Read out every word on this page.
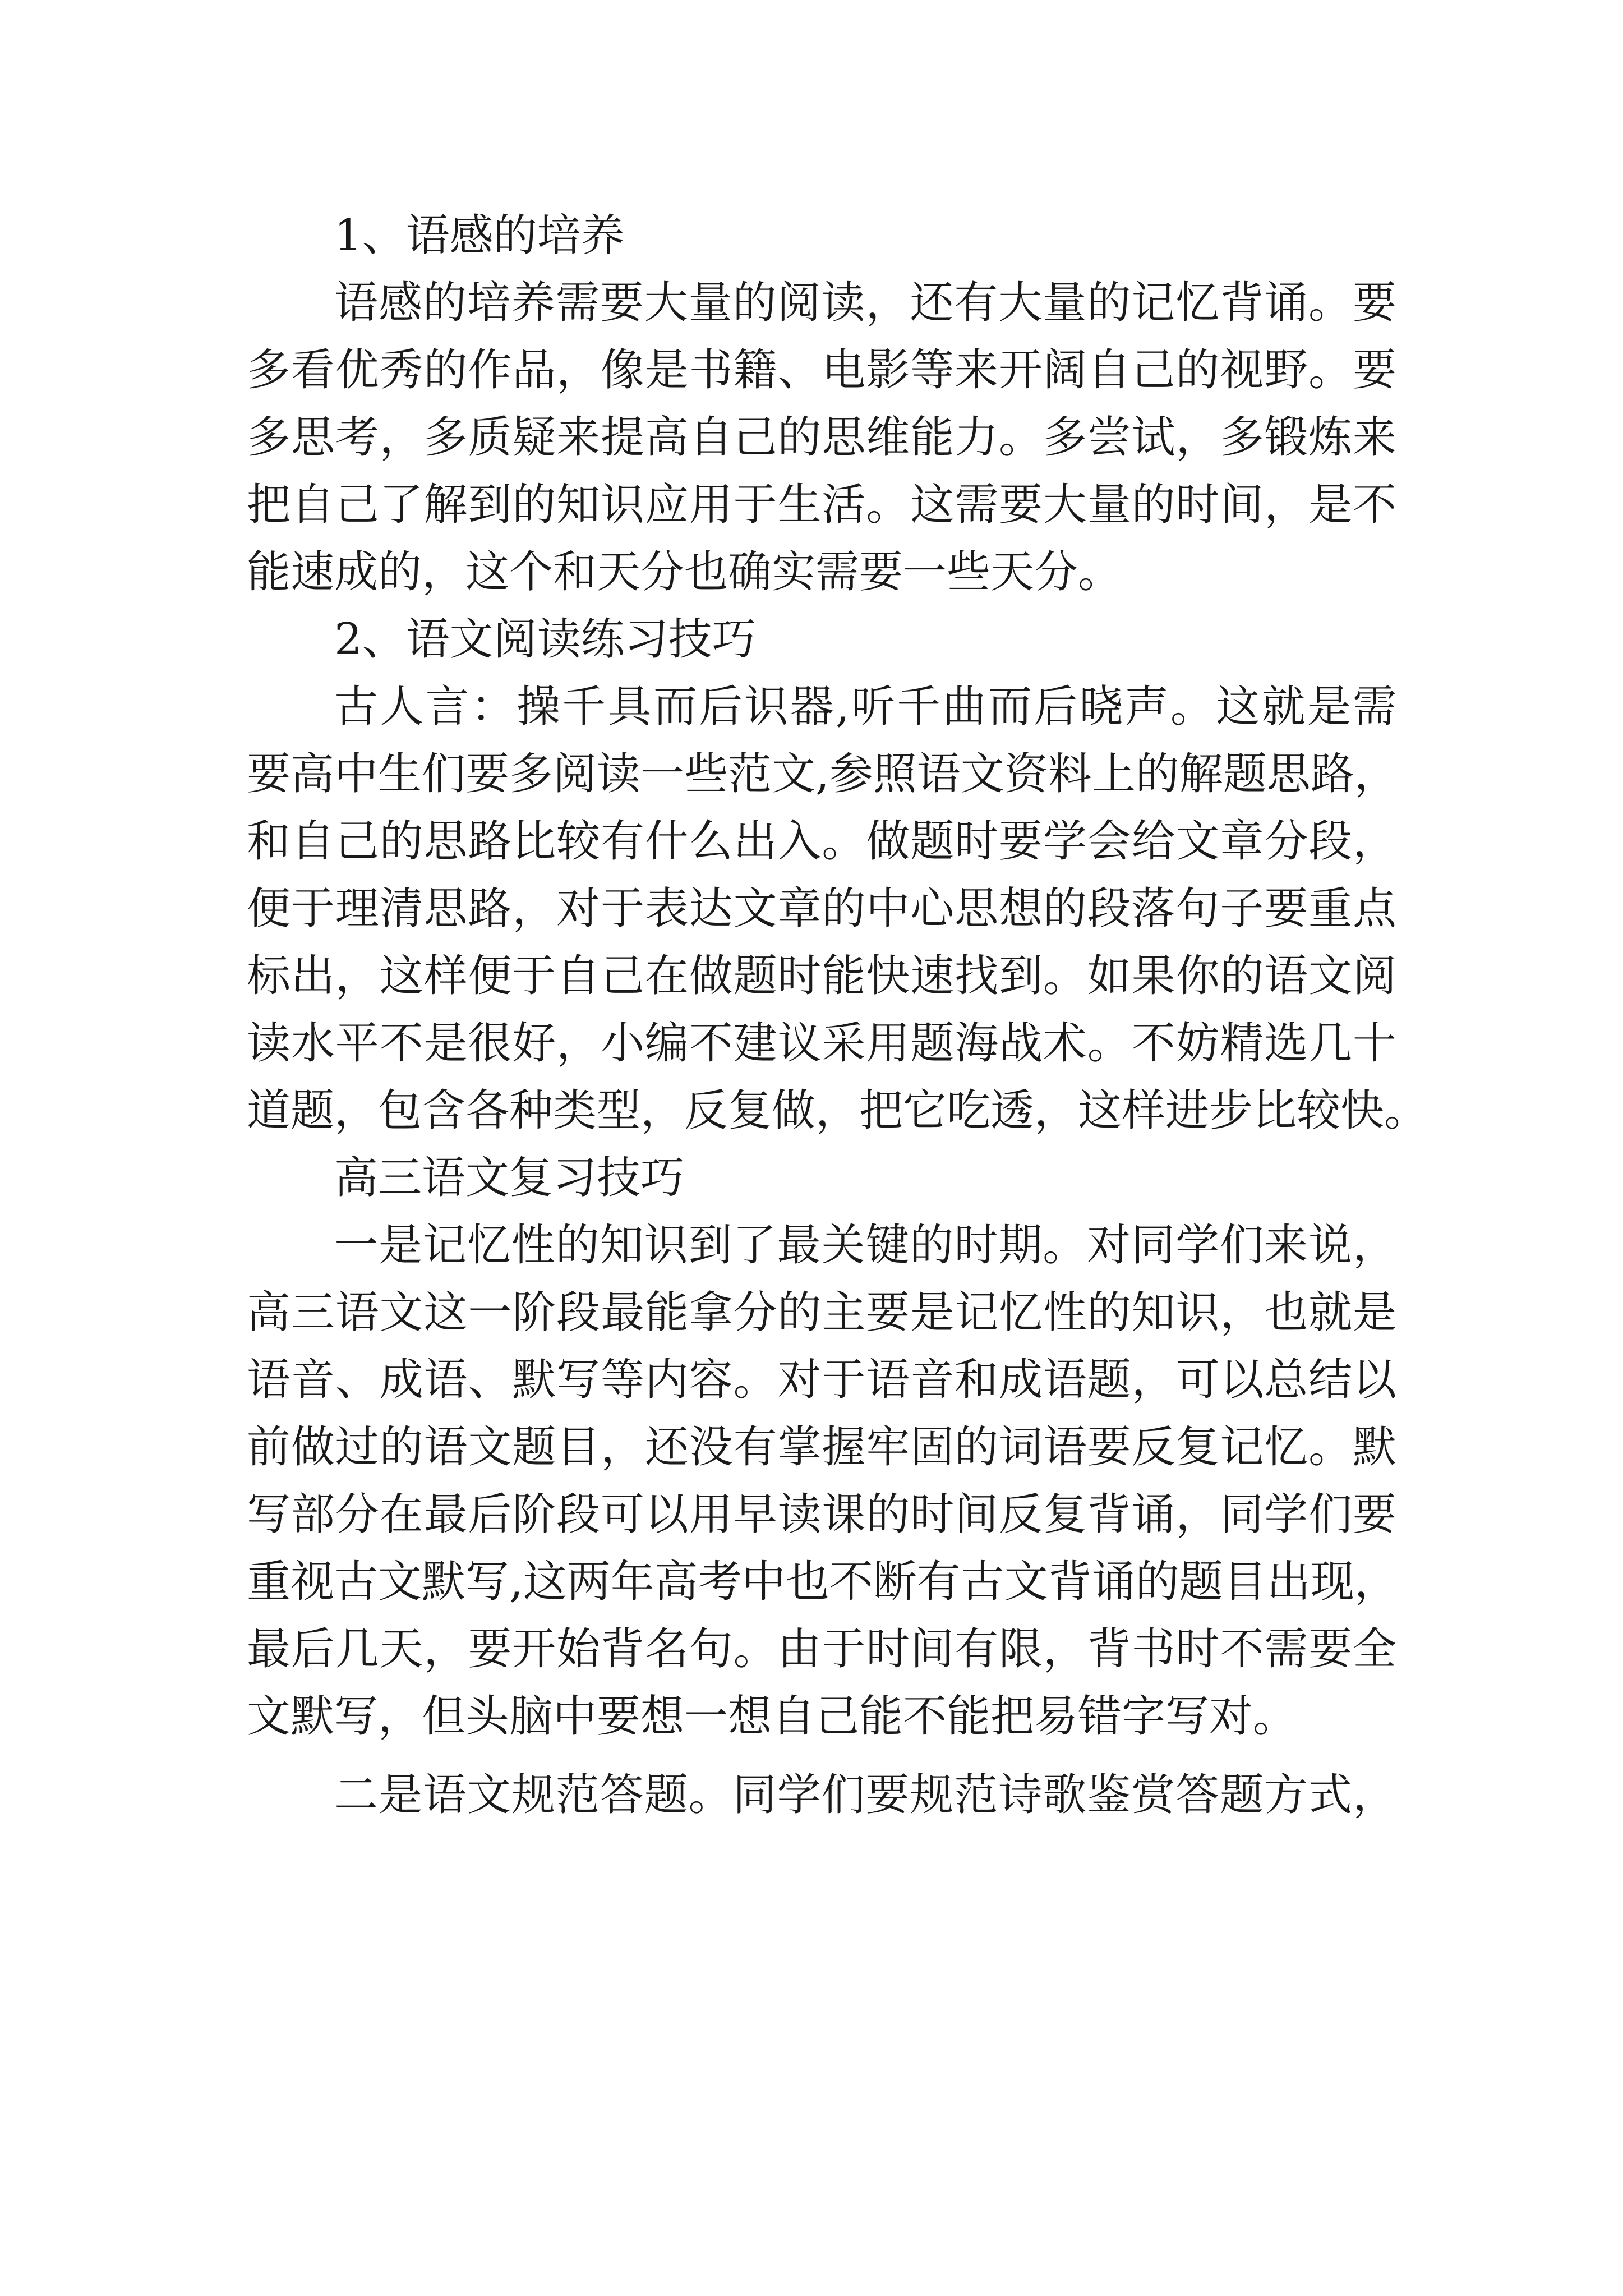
1、语感的培养
语感的培养需要大量的阅读，还有大量的记忆背诵。要
多看优秀的作品，像是书籍、电影等来开阔自己的视野。要
多思考，多质疑来提高自己的思维能力。多尝试，多锻炼来
把自己了解到的知识应用于生活。这需要大量的时间，是不
能速成的，这个和天分也确实需要一些天分。
2、语文阅读练习技巧
古人言：操千具而后识器,听千曲而后晓声。这就是需
要高中生们要多阅读一些范文,参照语文资料上的解题思路，
和自己的思路比较有什么出入。做题时要学会给文章分段，
便于理清思路，对于表达文章的中心思想的段落句子要重点
标出，这样便于自己在做题时能快速找到。如果你的语文阅
读水平不是很好，小编不建议采用题海战术。不妨精选几十
道题，包含各种类型，反复做，把它吃透，这样进步比较快。
高三语文复习技巧
一是记忆性的知识到了最关键的时期。对同学们来说，
高三语文这一阶段最能拿分的主要是记忆性的知识，也就是
语音、成语、默写等内容。对于语音和成语题，可以总结以
前做过的语文题目，还没有掌握牢固的词语要反复记忆。默
写部分在最后阶段可以用早读课的时间反复背诵，同学们要
重视古文默写,这两年高考中也不断有古文背诵的题目出现，
最后几天，要开始背名句。由于时间有限，背书时不需要全
文默写，但头脑中要想一想自己能不能把易错字写对。
二是语文规范答题。同学们要规范诗歌鉴赏答题方式，
